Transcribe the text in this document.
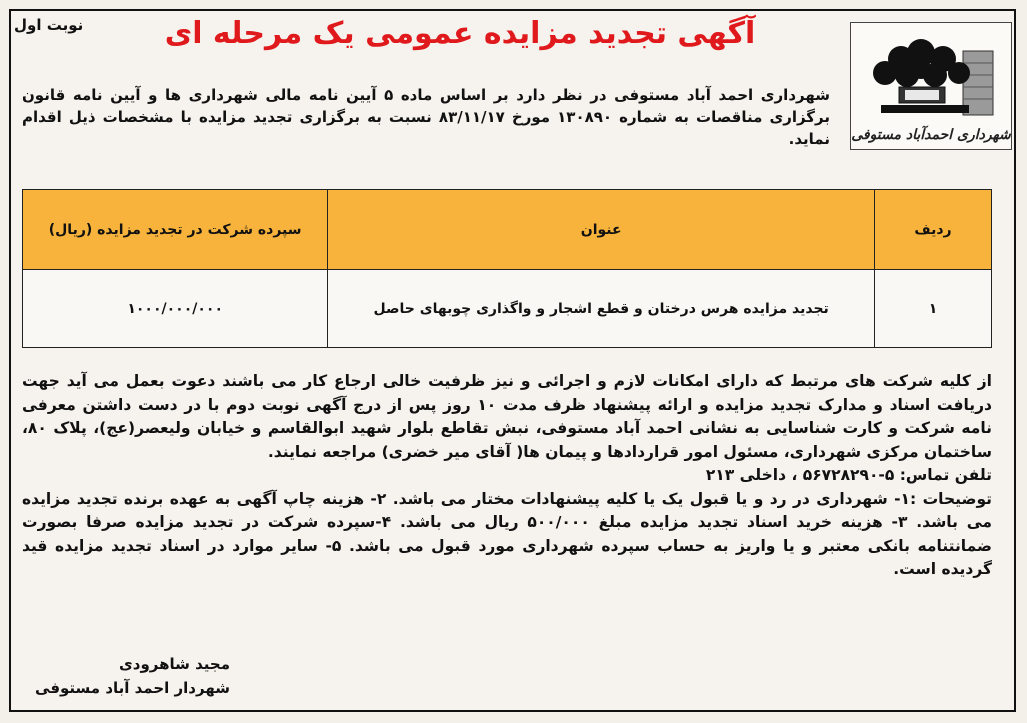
نوبت اول
شهرداری احمدآباد مستوفی
آگهی تجدید مزایده عمومی یک مرحله ای
شهرداری احمد آباد مستوفی در نظر دارد بر اساس ماده ۵ آیین نامه مالی شهرداری ها و آیین نامه قانون برگزاری مناقصات به شماره ۱۳۰۸۹۰ مورخ ۸۳/۱۱/۱۷ نسبت به برگزاری تجدید مزایده با مشخصات ذیل اقدام نماید.
ردیف	عنوان	سپرده شرکت در تجدید مزایده (ریال)
۱	تجدید مزایده هرس درختان و قطع اشجار و واگذاری چوبهای حاصل	۱۰۰۰/۰۰۰/۰۰۰

از کلیه شرکت های مرتبط که دارای امکانات لازم و اجرائی و نیز ظرفیت خالی ارجاع کار می باشند دعوت بعمل می آید جهت دریافت اسناد و مدارک تجدید مزایده و ارائه پیشنهاد ظرف مدت ۱۰ روز پس از درج آگهی نوبت دوم با در دست داشتن معرفی نامه شرکت و کارت شناسایی به نشانی احمد آباد مستوفی، نبش تقاطع بلوار شهید ابوالقاسم و خیابان ولیعصر(عج)، پلاک ۸۰، ساختمان مرکزی شهرداری، مسئول امور قراردادها و پیمان ها( آقای میر خضری) مراجعه نمایند.

تلفن تماس: ۵-۵۶۷۲۸۲۹۰ ، داخلی ۲۱۳

توضیحات :۱- شهرداری در رد و یا قبول یک یا کلیه پیشنهادات مختار می باشد. ۲- هزینه چاپ آگهی به عهده برنده تجدید مزایده می باشد. ۳- هزینه خرید اسناد تجدید مزایده مبلغ ۵۰۰/۰۰۰ ریال می باشد. ۴-سپرده شرکت در تجدید مزایده صرفا بصورت ضمانتنامه بانکی معتبر و یا واریز به حساب سپرده شهرداری مورد قبول می باشد. ۵- سایر موارد در اسناد تجدید مزایده قید گردیده است.

مجید شاهرودی
شهردار احمد آباد مستوفی
